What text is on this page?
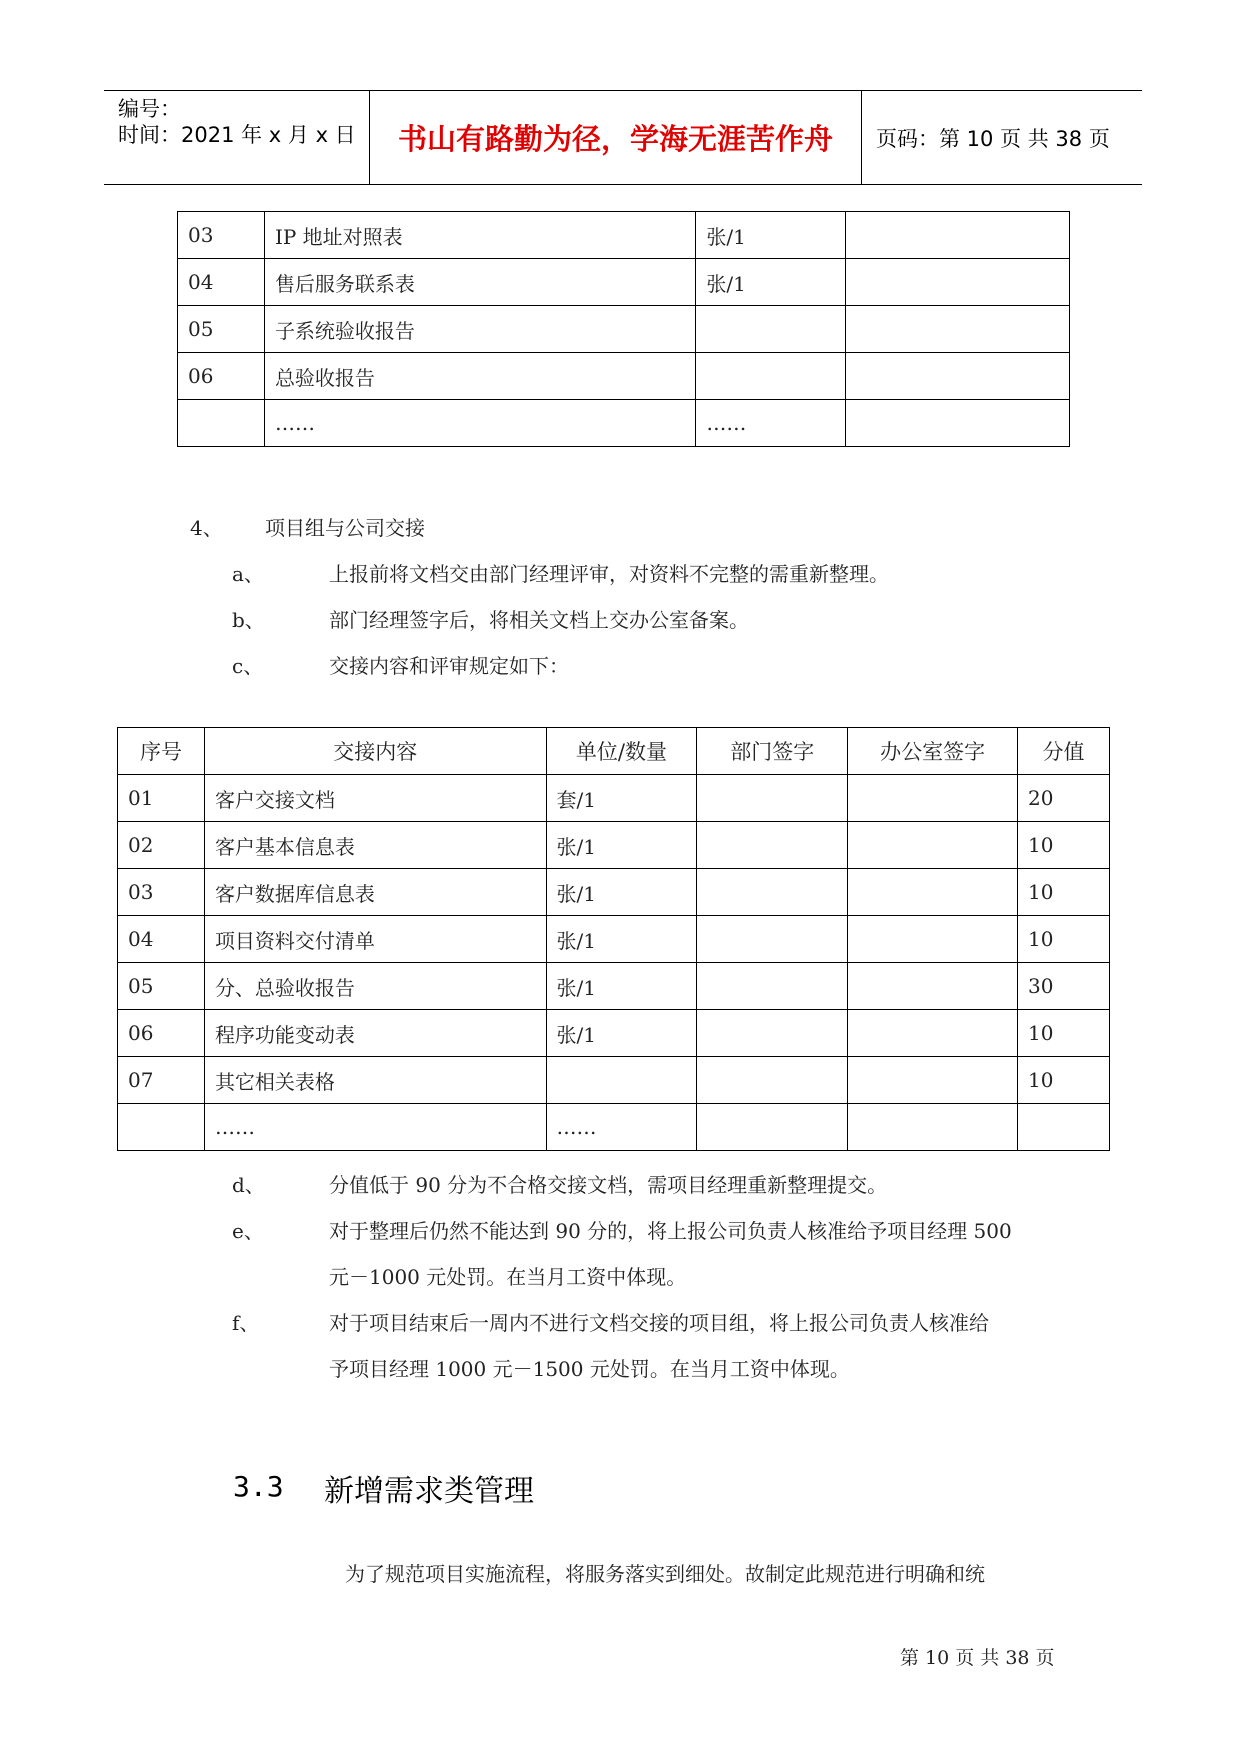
编号：
时间：2021 年 x 月 x 日	书山有路勤为径，学海无涯苦作舟	页码：第 10 页 共 38 页
03	IP 地址对照表	张/1	
04	售后服务联系表	张/1	
05	子系统验收报告		
06	总验收报告		
	……	……	
4、 项目组与公司交接
a、	上报前将文档交由部门经理评审，对资料不完整的需重新整理。
b、	部门经理签字后，将相关文档上交办公室备案。
c、	交接内容和评审规定如下：
序号	交接内容	单位/数量	部门签字	办公室签字	分值
01	客户交接文档	套/1			20
02	客户基本信息表	张/1			10
03	客户数据库信息表	张/1			10
04	项目资料交付清单	张/1			10
05	分、总验收报告	张/1			30
06	程序功能变动表	张/1			10
07	其它相关表格				10
	……	……			
d、	分值低于 90 分为不合格交接文档，需项目经理重新整理提交。
e、	对于整理后仍然不能达到 90 分的，将上报公司负责人核准给予项目经理 500
元－1000 元处罚。在当月工资中体现。
f、	对于项目结束后一周内不进行文档交接的项目组，将上报公司负责人核准给
予项目经理 1000 元－1500 元处罚。在当月工资中体现。
3.3 新增需求类管理
为了规范项目实施流程，将服务落实到细处。故制定此规范进行明确和统
第 10 页 共 38 页
